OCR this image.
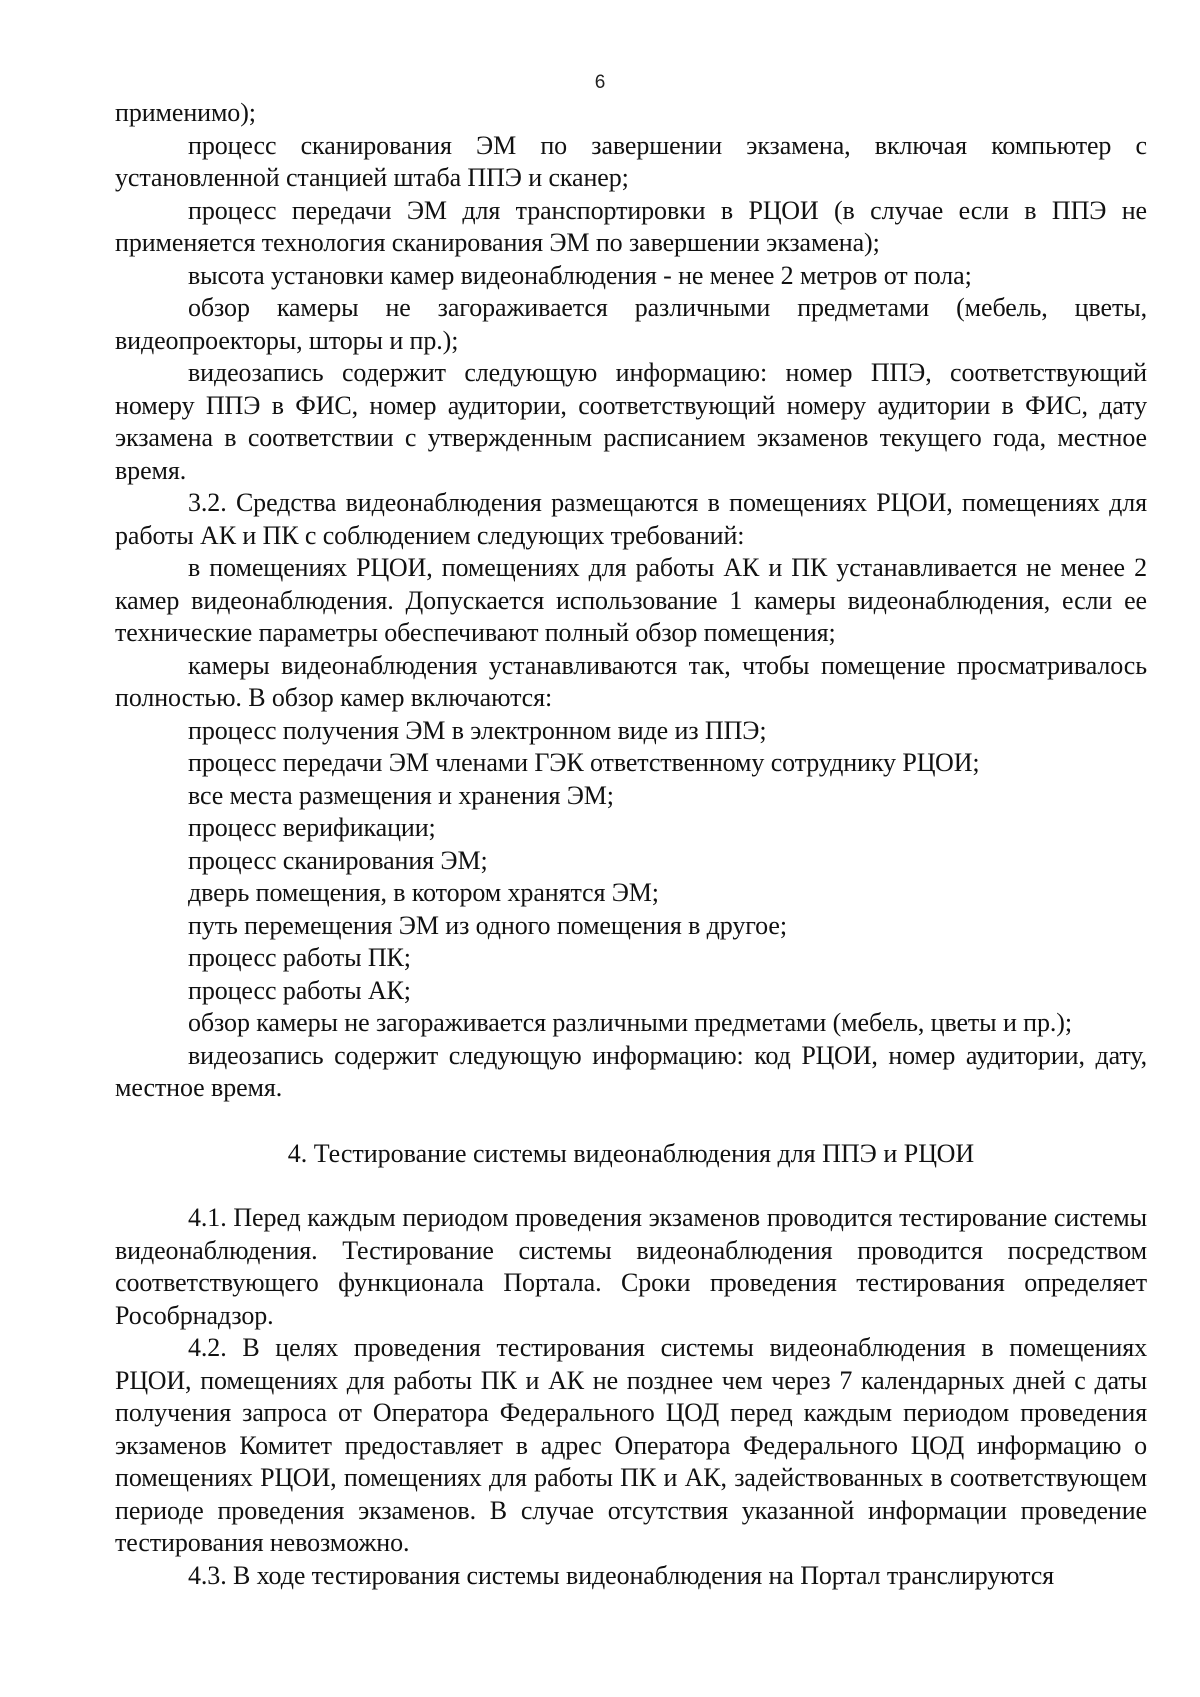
6

применимо);

процесс сканирования ЭМ по завершении экзамена, включая компьютер с установленной станцией штаба ППЭ и сканер;

процесс передачи ЭМ для транспортировки в РЦОИ (в случае если в ППЭ не применяется технология сканирования ЭМ по завершении экзамена);

высота установки камер видеонаблюдения - не менее 2 метров от пола;

обзор камеры не загораживается различными предметами (мебель, цветы, видеопроекторы, шторы и пр.);

видеозапись содержит следующую информацию: номер ППЭ, соответствующий номеру ППЭ в ФИС, номер аудитории, соответствующий номеру аудитории в ФИС, дату экзамена в соответствии с утвержденным расписанием экзаменов текущего года, местное время.

3.2. Средства видеонаблюдения размещаются в помещениях РЦОИ, помещениях для работы АК и ПК с соблюдением следующих требований:

в помещениях РЦОИ, помещениях для работы АК и ПК устанавливается не менее 2 камер видеонаблюдения. Допускается использование 1 камеры видеонаблюдения, если ее технические параметры обеспечивают полный обзор помещения;

камеры видеонаблюдения устанавливаются так, чтобы помещение просматривалось полностью. В обзор камер включаются:

процесс получения ЭМ в электронном виде из ППЭ;

процесс передачи ЭМ членами ГЭК ответственному сотруднику РЦОИ;

все места размещения и хранения ЭМ;

процесс верификации;

процесс сканирования ЭМ;

дверь помещения, в котором хранятся ЭМ;

путь перемещения ЭМ из одного помещения в другое;

процесс работы ПК;

процесс работы АК;

обзор камеры не загораживается различными предметами (мебель, цветы и пр.);

видеозапись содержит следующую информацию: код РЦОИ, номер аудитории, дату, местное время.

4. Тестирование системы видеонаблюдения для ППЭ и РЦОИ

4.1. Перед каждым периодом проведения экзаменов проводится тестирование системы видеонаблюдения. Тестирование системы видеонаблюдения проводится посредством соответствующего функционала Портала. Сроки проведения тестирования определяет Рособрнадзор.

4.2. В целях проведения тестирования системы видеонаблюдения в помещениях РЦОИ, помещениях для работы ПК и АК не позднее чем через 7 календарных дней с даты получения запроса от Оператора Федерального ЦОД перед каждым периодом проведения экзаменов Комитет предоставляет в адрес Оператора Федерального ЦОД информацию о помещениях РЦОИ, помещениях для работы ПК и АК, задействованных в соответствующем периоде проведения экзаменов. В случае отсутствия указанной информации проведение тестирования невозможно.

4.3. В ходе тестирования системы видеонаблюдения на Портал транслируются
